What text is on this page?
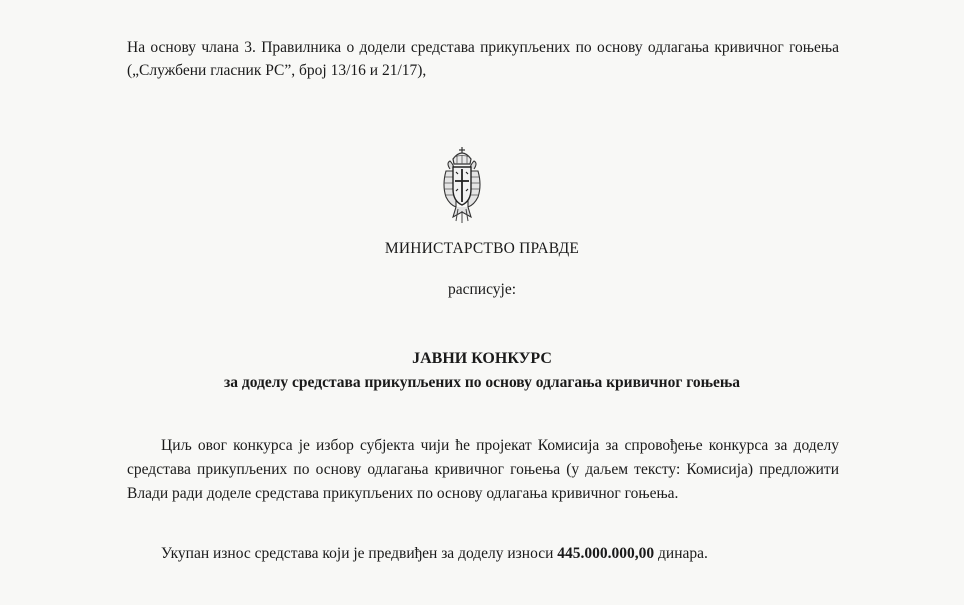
На основу члана 3. Правилника о додели средстава прикупљених по основу одлагања кривичног гоњења („Службени гласник РС”, број 13/16 и 21/17),
МИНИСТАРСТВО ПРАВДЕ
расписује:
ЈАВНИ КОНКУРС
за доделу средстава прикупљених по основу одлагања кривичног гоњења
Циљ овог конкурса је избор субјекта чији ће пројекат Комисија за спровођење конкурса за доделу средстава прикупљених по основу одлагања кривичног гоњења (у даљем тексту: Комисија) предложити Влади ради доделе средстава прикупљених по основу одлагања кривичног гоњења.
Укупан износ средстава који је предвиђен за доделу износи 445.000.000,00 динара.
